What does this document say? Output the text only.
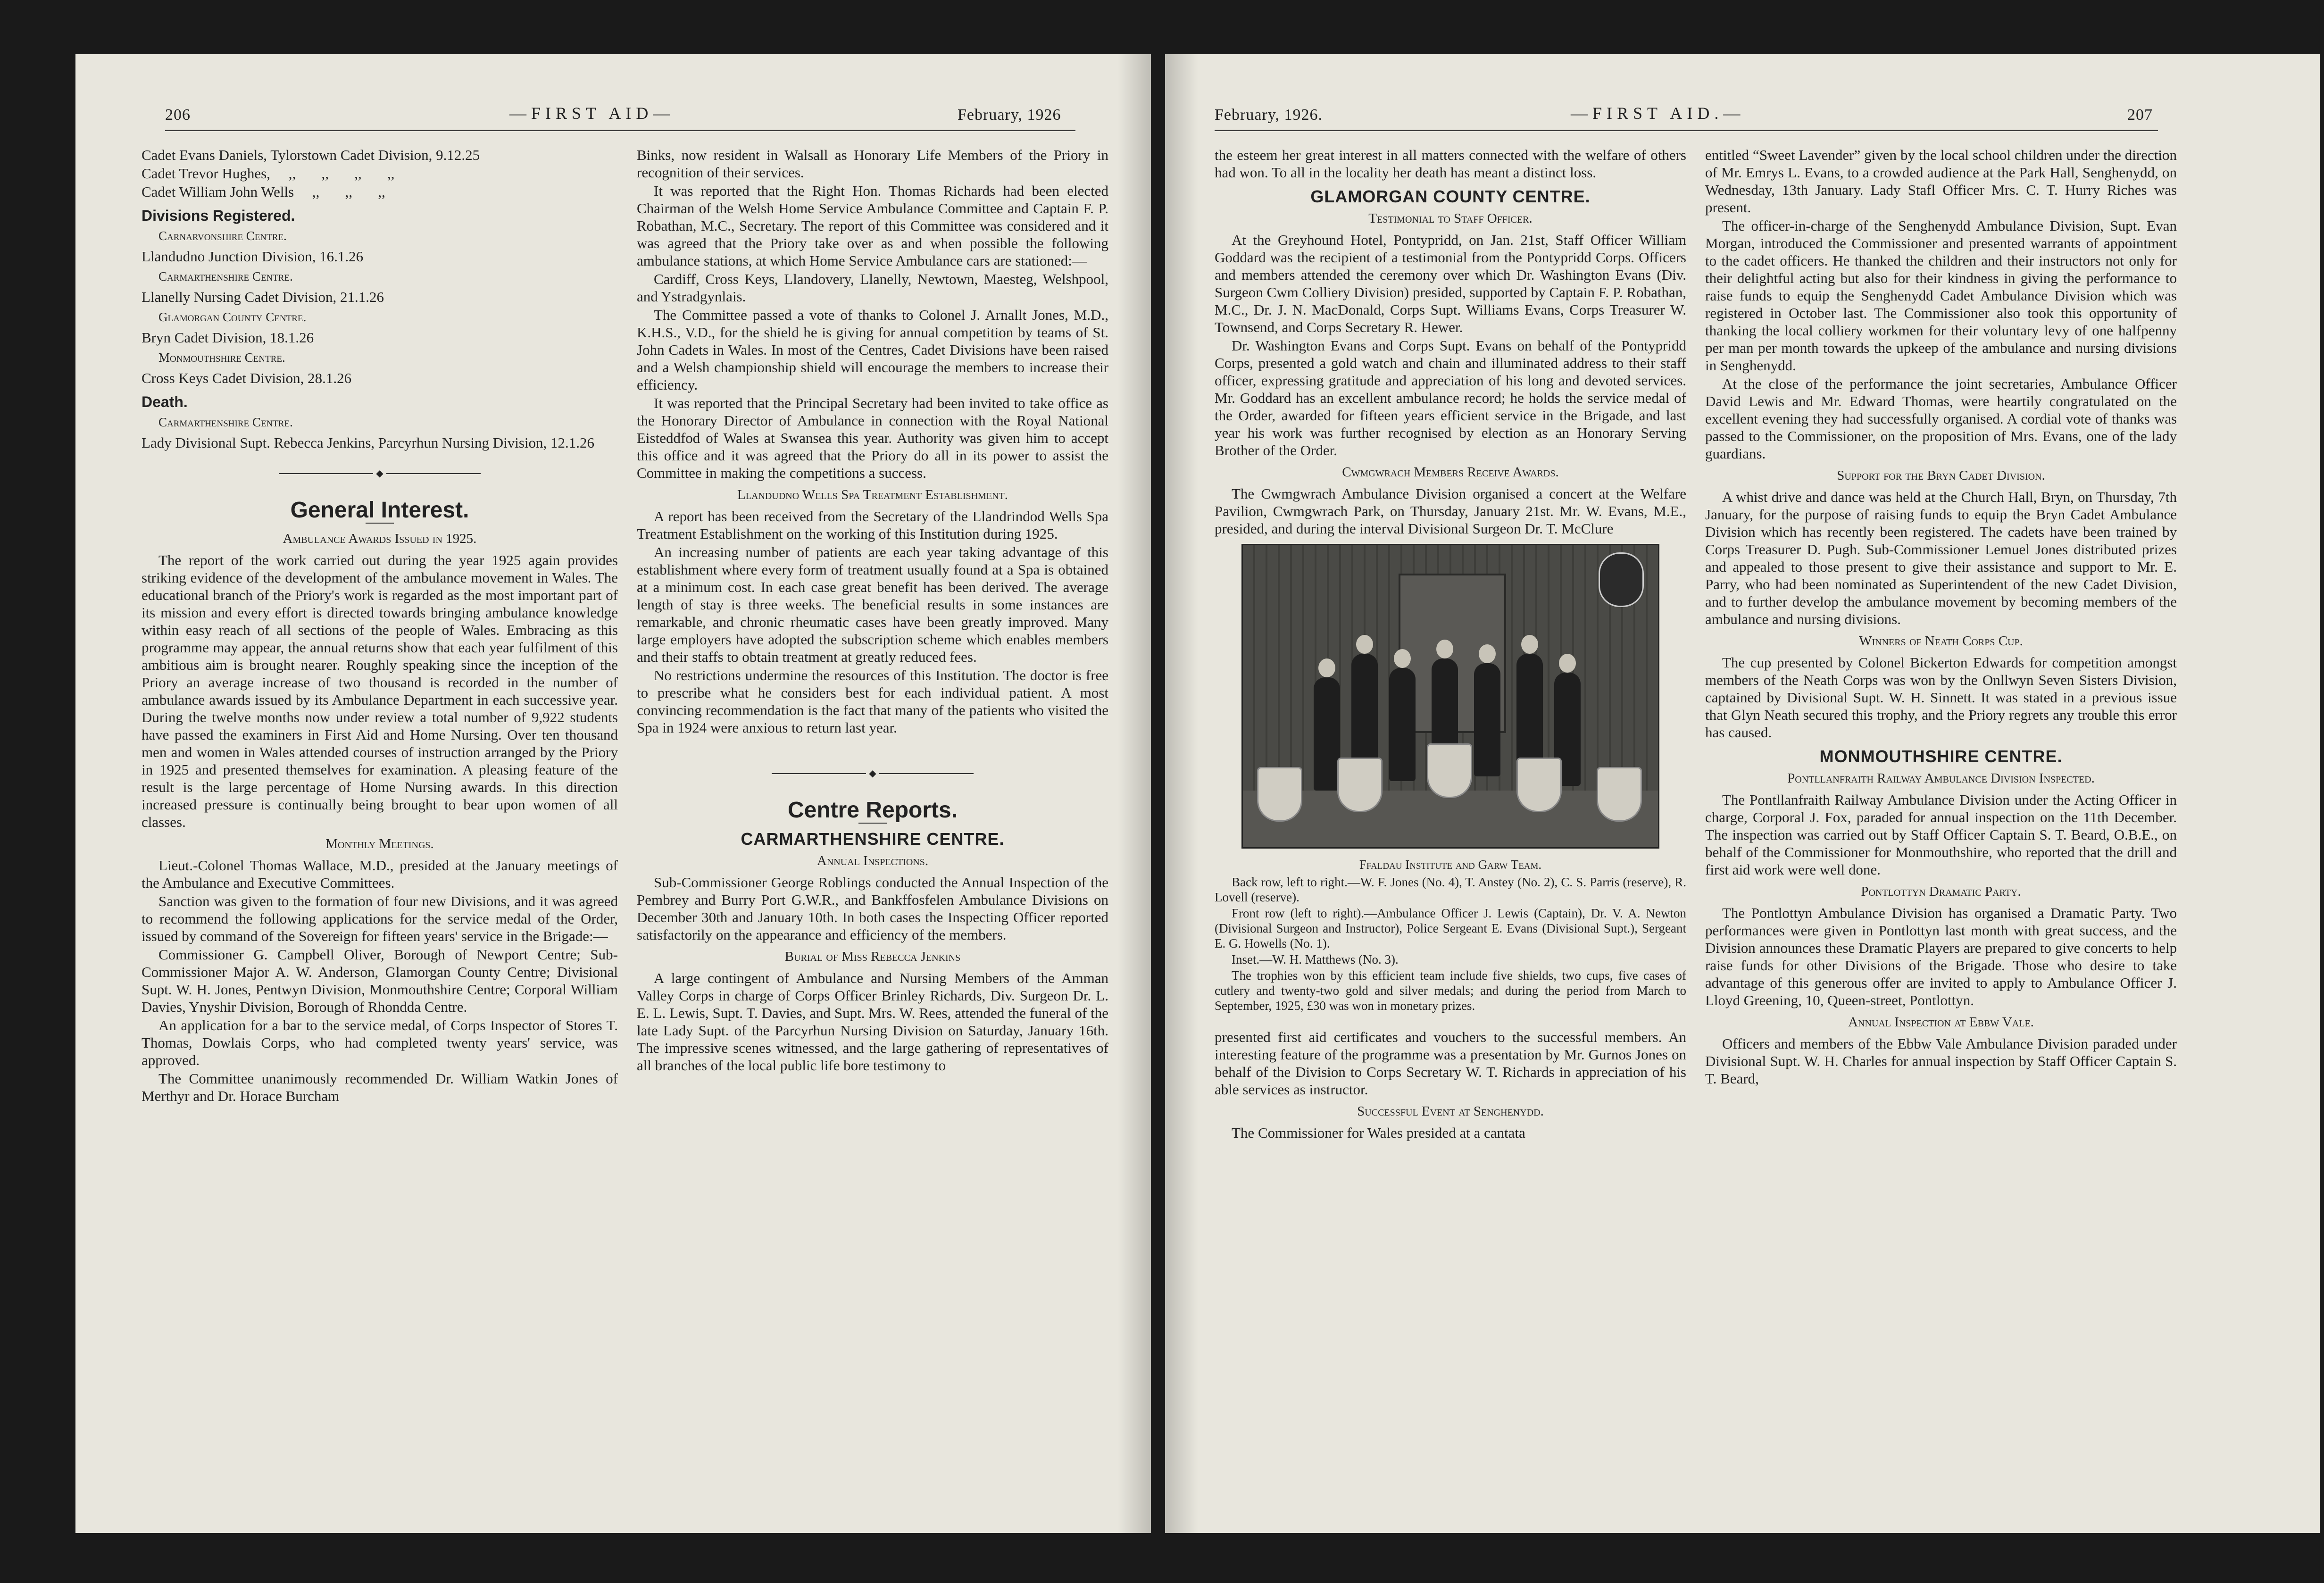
206	—FIRST AID—	February, 1926

Cadet Evans Daniels, Tylorstown Cadet Division, 9.12.25

Cadet Trevor Hughes,     ,,       ,,       ,,       ,,

Cadet William John Wells     ,,       ,,       ,,

Divisions Registered.

Carnarvonshire Centre.

Llandudno Junction Division, 16.1.26

Carmarthenshire Centre.

Llanelly Nursing Cadet Division, 21.1.26

Glamorgan County Centre.

Bryn Cadet Division, 18.1.26

Monmouthshire Centre.

Cross Keys Cadet Division, 28.1.26

Death.

Carmarthenshire Centre.

Lady Divisional Supt. Rebecca Jenkins, Parcyrhun Nursing Division, 12.1.26

◆
General Interest.

Ambulance Awards Issued in 1925.

The report of the work carried out during the year 1925 again provides striking evidence of the development of the ambulance movement in Wales. The educational branch of the Priory's work is regarded as the most important part of its mission and every effort is directed towards bringing ambulance knowledge within easy reach of all sections of the people of Wales. Embracing as this programme may appear, the annual returns show that each year fulfilment of this ambitious aim is brought nearer. Roughly speaking since the inception of the Priory an average increase of two thousand is recorded in the number of ambulance awards issued by its Ambulance Department in each successive year. During the twelve months now under review a total number of 9,922 students have passed the examiners in First Aid and Home Nursing. Over ten thousand men and women in Wales attended courses of instruction arranged by the Priory in 1925 and presented themselves for examination. A pleasing feature of the result is the large percentage of Home Nursing awards. In this direction increased pressure is continually being brought to bear upon women of all classes.

Monthly Meetings.

Lieut.-Colonel Thomas Wallace, M.D., presided at the January meetings of the Ambulance and Executive Committees.

Sanction was given to the formation of four new Divisions, and it was agreed to recommend the following applications for the service medal of the Order, issued by command of the Sovereign for fifteen years' service in the Brigade:—

Commissioner G. Campbell Oliver, Borough of Newport Centre; Sub-Commissioner Major A. W. Anderson, Glamorgan County Centre; Divisional Supt. W. H. Jones, Pentwyn Division, Monmouthshire Centre; Corporal William Davies, Ynyshir Division, Borough of Rhondda Centre.

An application for a bar to the service medal, of Corps Inspector of Stores T. Thomas, Dowlais Corps, who had completed twenty years' service, was approved.

The Committee unanimously recommended Dr. William Watkin Jones of Merthyr and Dr. Horace Burcham

Binks, now resident in Walsall as Honorary Life Members of the Priory in recognition of their services.

It was reported that the Right Hon. Thomas Richards had been elected Chairman of the Welsh Home Service Ambulance Committee and Captain F. P. Robathan, M.C., Secretary. The report of this Committee was considered and it was agreed that the Priory take over as and when possible the following ambulance stations, at which Home Service Ambulance cars are stationed:—

Cardiff, Cross Keys, Llandovery, Llanelly, Newtown, Maesteg, Welshpool, and Ystradgynlais.

The Committee passed a vote of thanks to Colonel J. Arnallt Jones, M.D., K.H.S., V.D., for the shield he is giving for annual competition by teams of St. John Cadets in Wales. In most of the Centres, Cadet Divisions have been raised and a Welsh championship shield will encourage the members to increase their efficiency.

It was reported that the Principal Secretary had been invited to take office as the Honorary Director of Ambulance in connection with the Royal National Eisteddfod of Wales at Swansea this year. Authority was given him to accept this office and it was agreed that the Priory do all in its power to assist the Committee in making the competitions a success.

Llandudno Wells Spa Treatment Establishment.

A report has been received from the Secretary of the Llandrindod Wells Spa Treatment Establishment on the working of this Institution during 1925.

An increasing number of patients are each year taking advantage of this establishment where every form of treatment usually found at a Spa is obtained at a minimum cost. In each case great benefit has been derived. The average length of stay is three weeks. The beneficial results in some instances are remarkable, and chronic rheumatic cases have been greatly improved. Many large employers have adopted the subscription scheme which enables members and their staffs to obtain treatment at greatly reduced fees.

No restrictions undermine the resources of this Institution. The doctor is free to prescribe what he considers best for each individual patient. A most convincing recommendation is the fact that many of the patients who visited the Spa in 1924 were anxious to return last year.

◆
Centre Reports.
CARMARTHENSHIRE CENTRE.

Annual Inspections.

Sub-Commissioner George Roblings conducted the Annual Inspection of the Pembrey and Burry Port G.W.R., and Bankffosfelen Ambulance Divisions on December 30th and January 10th. In both cases the Inspecting Officer reported satisfactorily on the appearance and efficiency of the members.

Burial of Miss Rebecca Jenkins

A large contingent of Ambulance and Nursing Members of the Amman Valley Corps in charge of Corps Officer Brinley Richards, Div. Surgeon Dr. L. E. L. Lewis, Supt. T. Davies, and Supt. Mrs. W. Rees, attended the funeral of the late Lady Supt. of the Parcyrhun Nursing Division on Saturday, January 16th. The impressive scenes witnessed, and the large gathering of representatives of all branches of the local public life bore testimony to

February, 1926.	—FIRST AID.—	207

the esteem her great interest in all matters connected with the welfare of others had won. To all in the locality her death has meant a distinct loss.

GLAMORGAN COUNTY CENTRE.

Testimonial to Staff Officer.

At the Greyhound Hotel, Pontypridd, on Jan. 21st, Staff Officer William Goddard was the recipient of a testimonial from the Pontypridd Corps. Officers and members attended the ceremony over which Dr. Washington Evans (Div. Surgeon Cwm Colliery Division) presided, supported by Captain F. P. Robathan, M.C., Dr. J. N. MacDonald, Corps Supt. Williams Evans, Corps Treasurer W. Townsend, and Corps Secretary R. Hewer.

Dr. Washington Evans and Corps Supt. Evans on behalf of the Pontypridd Corps, presented a gold watch and chain and illuminated address to their staff officer, expressing gratitude and appreciation of his long and devoted services. Mr. Goddard has an excellent ambulance record; he holds the service medal of the Order, awarded for fifteen years efficient service in the Brigade, and last year his work was further recognised by election as an Honorary Serving Brother of the Order.

Cwmgwrach Members Receive Awards.

The Cwmgwrach Ambulance Division organised a concert at the Welfare Pavilion, Cwmgwrach Park, on Thursday, January 21st. Mr. W. Evans, M.E., presided, and during the interval Divisional Surgeon Dr. T. McClure

Ffaldau Institute and Garw Team.

Back row, left to right.—W. F. Jones (No. 4), T. Anstey (No. 2), C. S. Parris (reserve), R. Lovell (reserve).

Front row (left to right).—Ambulance Officer J. Lewis (Captain), Dr. V. A. Newton (Divisional Surgeon and Instructor), Police Sergeant E. Evans (Divisional Supt.), Sergeant E. G. Howells (No. 1).

Inset.—W. H. Matthews (No. 3).

The trophies won by this efficient team include five shields, two cups, five cases of cutlery and twenty-two gold and silver medals; and during the period from March to September, 1925, £30 was won in monetary prizes.

presented first aid certificates and vouchers to the successful members. An interesting feature of the programme was a presentation by Mr. Gurnos Jones on behalf of the Division to Corps Secretary W. T. Richards in appreciation of his able services as instructor.

Successful Event at Senghenydd.

The Commissioner for Wales presided at a cantata

entitled “Sweet Lavender” given by the local school children under the direction of Mr. Emrys L. Evans, to a crowded audience at the Park Hall, Senghenydd, on Wednesday, 13th January. Lady Stafl Officer Mrs. C. T. Hurry Riches was present.

The officer-in-charge of the Senghenydd Ambulance Division, Supt. Evan Morgan, introduced the Commissioner and presented warrants of appointment to the cadet officers. He thanked the children and their instructors not only for their delightful acting but also for their kindness in giving the performance to raise funds to equip the Senghenydd Cadet Ambulance Division which was registered in October last. The Commissioner also took this opportunity of thanking the local colliery workmen for their voluntary levy of one halfpenny per man per month towards the upkeep of the ambulance and nursing divisions in Senghenydd.

At the close of the performance the joint secretaries, Ambulance Officer David Lewis and Mr. Edward Thomas, were heartily congratulated on the excellent evening they had successfully organised. A cordial vote of thanks was passed to the Commissioner, on the proposition of Mrs. Evans, one of the lady guardians.

Support for the Bryn Cadet Division.

A whist drive and dance was held at the Church Hall, Bryn, on Thursday, 7th January, for the purpose of raising funds to equip the Bryn Cadet Ambulance Division which has recently been registered. The cadets have been trained by Corps Treasurer D. Pugh. Sub-Commissioner Lemuel Jones distributed prizes and appealed to those present to give their assistance and support to Mr. E. Parry, who had been nominated as Superintendent of the new Cadet Division, and to further develop the ambulance movement by becoming members of the ambulance and nursing divisions.

Winners of Neath Corps Cup.

The cup presented by Colonel Bickerton Edwards for competition amongst members of the Neath Corps was won by the Onllwyn Seven Sisters Division, captained by Divisional Supt. W. H. Sinnett. It was stated in a previous issue that Glyn Neath secured this trophy, and the Priory regrets any trouble this error has caused.

MONMOUTHSHIRE CENTRE.

Pontllanfraith Railway Ambulance Division Inspected.

The Pontllanfraith Railway Ambulance Division under the Acting Officer in charge, Corporal J. Fox, paraded for annual inspection on the 11th December. The inspection was carried out by Staff Officer Captain S. T. Beard, O.B.E., on behalf of the Commissioner for Monmouthshire, who reported that the drill and first aid work were well done.

Pontlottyn Dramatic Party.

The Pontlottyn Ambulance Division has organised a Dramatic Party. Two performances were given in Pontlottyn last month with great success, and the Division announces these Dramatic Players are prepared to give concerts to help raise funds for other Divisions of the Brigade. Those who desire to take advantage of this generous offer are invited to apply to Ambulance Officer J. Lloyd Greening, 10, Queen-street, Pontlottyn.

Annual Inspection at Ebbw Vale.

Officers and members of the Ebbw Vale Ambulance Division paraded under Divisional Supt. W. H. Charles for annual inspection by Staff Officer Captain S. T. Beard,
